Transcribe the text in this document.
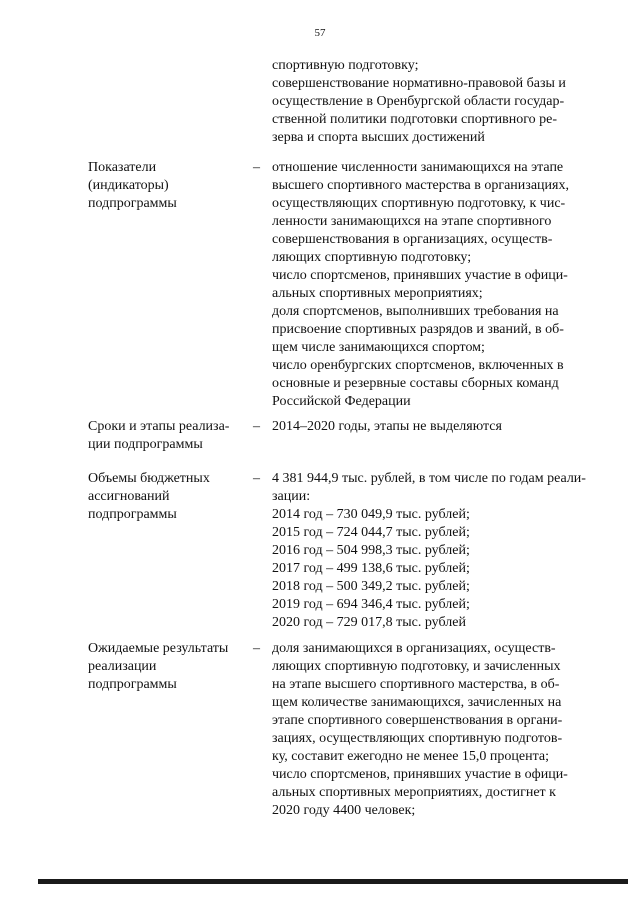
57

спортивную подготовку;

совершенствование нормативно-правовой базы и

осуществление в Оренбургской области государ-

ственной политики подготовки спортивного ре-

зерва и спорта высших достижений

Показатели

(индикаторы)

подпрограммы

– отношение численности занимающихся на этапе

высшего спортивного мастерства в организациях,

осуществляющих спортивную подготовку, к чис-

ленности занимающихся на этапе спортивного

совершенствования в организациях, осуществ-

ляющих спортивную подготовку;

число спортсменов, принявших участие в офици-

альных спортивных мероприятиях;

доля спортсменов, выполнивших требования на

присвоение спортивных разрядов и званий, в об-

щем числе занимающихся спортом;

число оренбургских спортсменов, включенных в

основные и резервные составы сборных команд

Российской Федерации

Сроки и этапы реализа-

ции подпрограммы

– 2014–2020 годы, этапы не выделяются

Объемы бюджетных

ассигнований

подпрограммы

– 4 381 944,9 тыс. рублей, в том числе по годам реали-

зации:

2014 год – 730 049,9 тыс. рублей;

2015 год – 724 044,7 тыс. рублей;

2016 год – 504 998,3 тыс. рублей;

2017 год – 499 138,6 тыс. рублей;

2018 год – 500 349,2 тыс. рублей;

2019 год – 694 346,4 тыс. рублей;

2020 год – 729 017,8 тыс. рублей

Ожидаемые результаты

реализации

подпрограммы

– доля занимающихся в организациях, осуществ-

ляющих спортивную подготовку, и зачисленных

на этапе высшего спортивного мастерства, в об-

щем количестве занимающихся, зачисленных на

этапе спортивного совершенствования в органи-

зациях, осуществляющих спортивную подготов-

ку, составит ежегодно не менее 15,0 процента;

число спортсменов, принявших участие в офици-

альных спортивных мероприятиях, достигнет к

2020 году 4400 человек;
